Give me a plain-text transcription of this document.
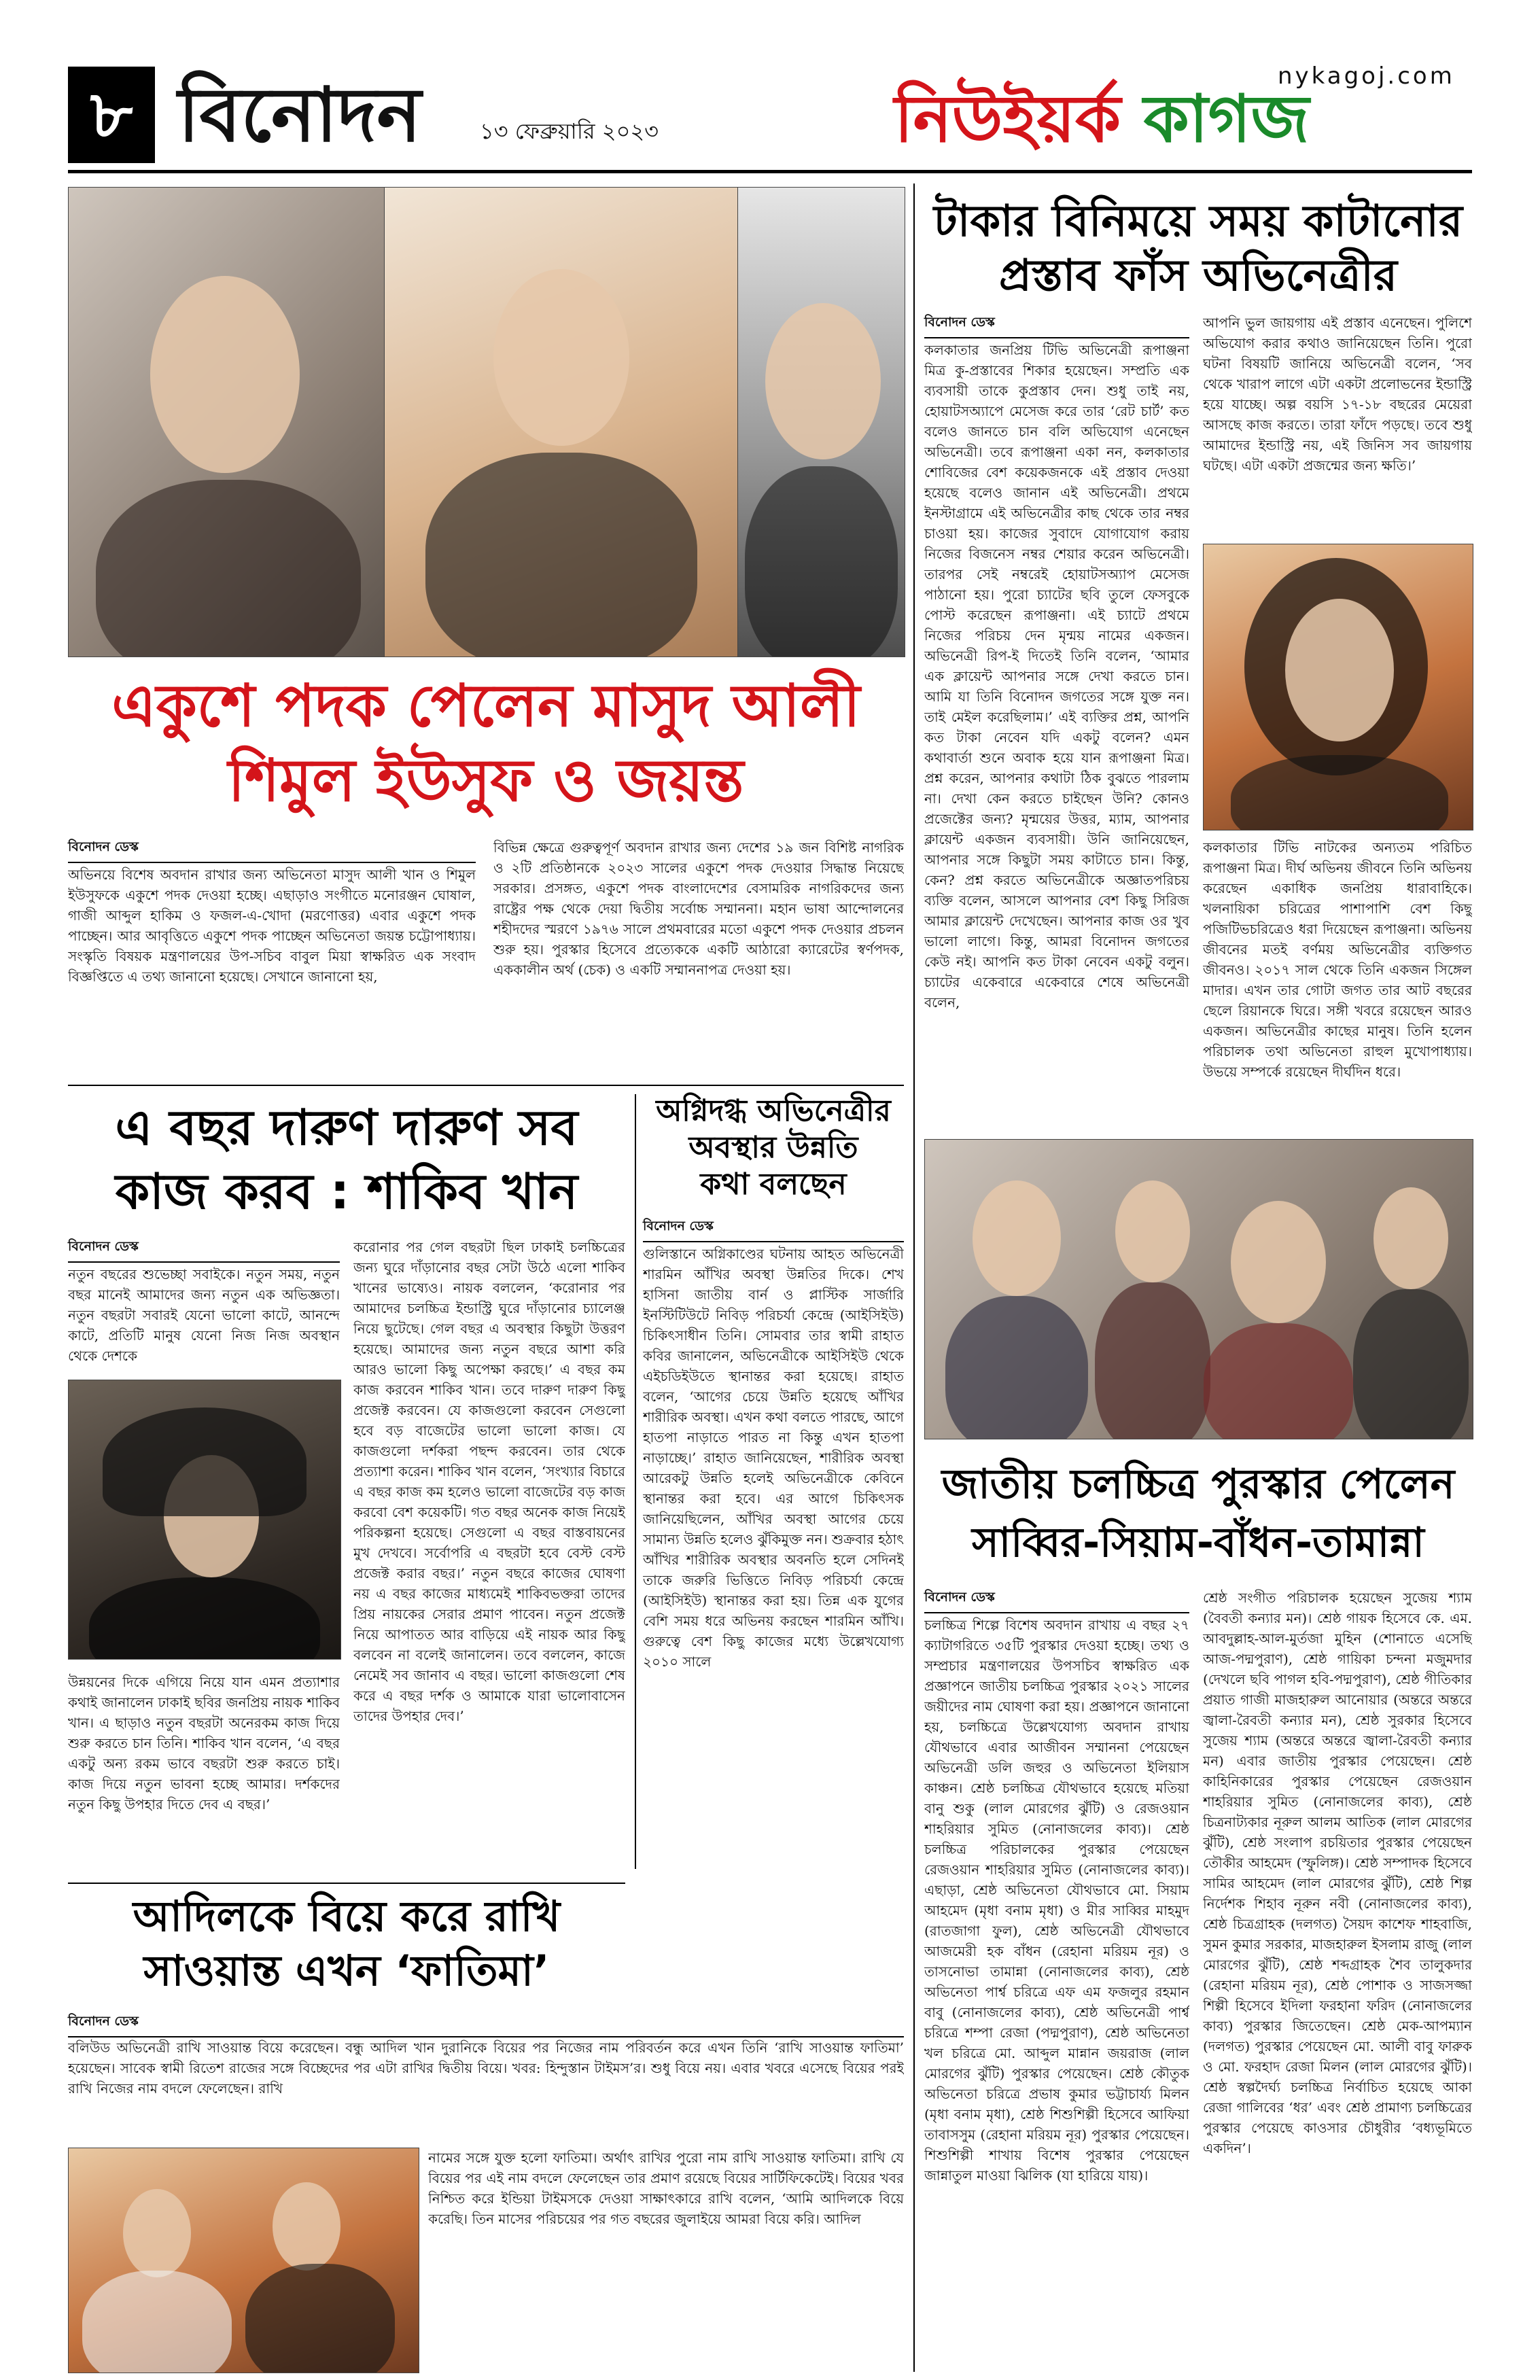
৮ বিনোদন	১৩ ফেব্রুয়ারি ২০২৩
nykagoj.com
নিউইয়র্ক কাগজ
একুশে পদক পেলেন মাসুদ আলী
শিমুল ইউসুফ ও জয়ন্ত
বিনোদন ডেস্ক
অভিনয়ে বিশেষ অবদান রাখার জন্য অভিনেতা মাসুদ আলী খান ও শিমুল ইউসুফকে একুশে পদক দেওয়া হচ্ছে। এছাড়াও সংগীতে মনোরঞ্জন ঘোষাল, গাজী আব্দুল হাকিম ও ফজল-এ-খোদা (মরণোত্তর) এবার একুশে পদক পাচ্ছেন। আর আবৃত্তিতে একুশে পদক পাচ্ছেন অভিনেতা জয়ন্ত চট্টোপাধ্যায়। সংস্কৃতি বিষয়ক মন্ত্রণালয়ের উপ-সচিব বাবুল মিয়া স্বাক্ষরিত এক সংবাদ বিজ্ঞপ্তিতে এ তথ্য জানানো হয়েছে। সেখানে জানানো হয়,
বিভিন্ন ক্ষেত্রে গুরুত্বপূর্ণ অবদান রাখার জন্য দেশের ১৯ জন বিশিষ্ট নাগরিক ও ২টি প্রতিষ্ঠানকে ২০২৩ সালের একুশে পদক দেওয়ার সিদ্ধান্ত নিয়েছে সরকার। প্রসঙ্গত, একুশে পদক বাংলাদেশের বেসামরিক নাগরিকদের জন্য রাষ্ট্রের পক্ষ থেকে দেয়া দ্বিতীয় সর্বোচ্চ সম্মাননা। মহান ভাষা আন্দোলনের শহীদদের স্মরণে ১৯৭৬ সালে প্রথমবারের মতো একুশে পদক দেওয়ার প্রচলন শুরু হয়। পুরস্কার হিসেবে প্রত্যেককে একটি আঠারো ক্যারেটের স্বর্ণপদক, এককালীন অর্থ (চেক) ও একটি সম্মাননাপত্র দেওয়া হয়।
এ বছর দারুণ দারুণ সব
কাজ করব : শাকিব খান
বিনোদন ডেস্ক
নতুন বছরের শুভেচ্ছা সবাইকে। নতুন সময়, নতুন বছর মানেই আমাদের জন্য নতুন এক অভিজ্ঞতা। নতুন বছরটা সবারই যেনো ভালো কাটে, আনন্দে কাটে, প্রতিটি মানুষ যেনো নিজ নিজ অবস্থান থেকে দেশকে
উন্নয়নের দিকে এগিয়ে নিয়ে যান এমন প্রত্যাশার কথাই জানালেন ঢাকাই ছবির জনপ্রিয় নায়ক শাকিব খান। এ ছাড়াও নতুন বছরটা অনেরকম কাজ দিয়ে শুরু করতে চান তিনি। শাকিব খান বলেন, ‘এ বছর একটু অন্য রকম ভাবে বছরটা শুরু করতে চাই। কাজ দিয়ে নতুন ভাবনা হচ্ছে আমার। দর্শকদের নতুন কিছু উপহার দিতে দেব এ বছর।’
করোনার পর গেল বছরটা ছিল ঢাকাই চলচ্চিত্রের জন্য ঘুরে দাঁড়ানোর বছর সেটা উঠে এলো শাকিব খানের ভাষ্যেও। নায়ক বললেন, ‘করোনার পর আমাদের চলচ্চিত্র ইন্ডাস্ট্রি ঘুরে দাঁড়ানোর চ্যালেঞ্জ নিয়ে ছুটেছে। গেল বছর এ অবস্থার কিছুটা উত্তরণ হয়েছে। আমাদের জন্য নতুন বছরে আশা করি আরও ভালো কিছু অপেক্ষা করছে।’ এ বছর কম কাজ করবেন শাকিব খান। তবে দারুণ দারুণ কিছু প্রজেক্ট করবেন। যে কাজগুলো করবেন সেগুলো হবে বড় বাজেটের ভালো ভালো কাজ। যে কাজগুলো দর্শকরা পছন্দ করবেন। তার থেকে প্রত্যাশা করেন। শাকিব খান বলেন, ‘সংখ্যার বিচারে এ বছর কাজ কম হলেও ভালো বাজেটের বড় কাজ করবো বেশ কয়েকটি। গত বছর অনেক কাজ নিয়েই পরিকল্পনা হয়েছে। সেগুলো এ বছর বাস্তবায়নের মুখ দেখবে। সর্বোপরি এ বছরটা হবে বেস্ট বেস্ট প্রজেক্ট করার বছর।’ নতুন বছরে কাজের ঘোষণা নয় এ বছর কাজের মাধ্যমেই শাকিবভক্তরা তাদের প্রিয় নায়কের সেরার প্রমাণ পাবেন। নতুন প্রজেক্ট নিয়ে আপাতত আর বাড়িয়ে এই নায়ক আর কিছু বলবেন না বলেই জানালেন। তবে বললেন, কাজে নেমেই সব জানাব এ বছর। ভালো কাজগুলো শেষ করে এ বছর দর্শক ও আমাকে যারা ভালোবাসেন তাদের উপহার দেব।’
অগ্নিদগ্ধ অভিনেত্রীর
অবস্থার উন্নতি
কথা বলছেন
বিনোদন ডেস্ক
গুলিস্তানে অগ্নিকাণ্ডের ঘটনায় আহত অভিনেত্রী শারমিন আঁখির অবস্থা উন্নতির দিকে। শেখ হাসিনা জাতীয় বার্ন ও প্লাস্টিক সার্জারি ইনস্টিটিউটে নিবিড় পরিচর্যা কেন্দ্রে (আইসিইউ) চিকিৎসাধীন তিনি। সোমবার তার স্বামী রাহাত কবির জানালেন, অভিনেত্রীকে আইসিইউ থেকে এইচডিইউতে স্থানান্তর করা হয়েছে। রাহাত বলেন, ‘আগের চেয়ে উন্নতি হয়েছে আঁখির শারীরিক অবস্থা। এখন কথা বলতে পারছে, আগে হাতপা নাড়াতে পারত না কিন্তু এখন হাতপা নাড়াচ্ছে।’ রাহাত জানিয়েছেন, শারীরিক অবস্থা আরেকটু উন্নতি হলেই অভিনেত্রীকে কেবিনে স্থানান্তর করা হবে। এর আগে চিকিৎসক জানিয়েছিলেন, আঁখির অবস্থা আগের চেয়ে সামান্য উন্নতি হলেও ঝুঁকিমুক্ত নন। শুক্রবার হঠাৎ আঁখির শারীরিক অবস্থার অবনতি হলে সেদিনই তাকে জরুরি ভিত্তিতে নিবিড় পরিচর্যা কেন্দ্রে (আইসিইউ) স্থানান্তর করা হয়। তিন্ন এক যুগের বেশি সময় ধরে অভিনয় করছেন শারমিন আঁখি। গুরুত্বে বেশ কিছু কাজের মধ্যে উল্লেখযোগ্য ২০১০ সালে
আদিলকে বিয়ে করে রাখি
সাওয়ান্ত এখন ‘ফাতিমা’
বিনোদন ডেস্ক
বলিউড অভিনেত্রী রাখি সাওয়ান্ত বিয়ে করেছেন। বন্ধু আদিল খান দুরানিকে বিয়ের পর নিজের নাম পরিবর্তন করে এখন তিনি ‘রাখি সাওয়ান্ত ফাতিমা’ হয়েছেন। সাবেক স্বামী রিতেশ রাজের সঙ্গে বিচ্ছেদের পর এটা রাখির দ্বিতীয় বিয়ে। খবর: হিন্দুস্তান টাইমস’র। শুধু বিয়ে নয়। এবার খবরে এসেছে বিয়ের পরই রাখি নিজের নাম বদলে ফেলেছেন। রাখি
নামের সঙ্গে যুক্ত হলো ফাতিমা। অর্থাৎ রাখির পুরো নাম রাখি সাওয়ান্ত ফাতিমা। রাখি যে বিয়ের পর এই নাম বদলে ফেলেছেন তার প্রমাণ রয়েছে বিয়ের সার্টিফিকেটেই। বিয়ের খবর নিশ্চিত করে ইন্ডিয়া টাইমসকে দেওয়া সাক্ষাৎকারে রাখি বলেন, ‘আমি আদিলকে বিয়ে করেছি। তিন মাসের পরিচয়ের পর গত বছরের জুলাইয়ে আমরা বিয়ে করি। আদিল
টাকার বিনিময়ে সময় কাটানোর
প্রস্তাব ফাঁস অভিনেত্রীর
বিনোদন ডেস্ক
কলকাতার জনপ্রিয় টিভি অভিনেত্রী রূপাঞ্জনা মিত্র কু-প্রস্তাবের শিকার হয়েছেন। সম্প্রতি এক ব্যবসায়ী তাকে কুপ্রস্তাব দেন। শুধু তাই নয়, হোয়াটসঅ্যাপে মেসেজ করে তার ‘রেট চার্ট’ কত বলেও জানতে চান বলি অভিযোগ এনেছেন অভিনেত্রী। তবে রূপাঞ্জনা একা নন, কলকাতার শোবিজের বেশ কয়েকজনকে এই প্রস্তাব দেওয়া হয়েছে বলেও জানান এই অভিনেত্রী। প্রথমে ইনস্টাগ্রামে এই অভিনেত্রীর কাছ থেকে তার নম্বর চাওয়া হয়। কাজের সুবাদে যোগাযোগ করায় নিজের বিজনেস নম্বর শেয়ার করেন অভিনেত্রী। তারপর সেই নম্বরেই হোয়াটসঅ্যাপ মেসেজ পাঠানো হয়। পুরো চ্যাটের ছবি তুলে ফেসবুকে পোস্ট করেছেন রূপাঞ্জনা। এই চ্যাটে প্রথমে নিজের পরিচয় দেন মৃন্ময় নামের একজন। অভিনেত্রী রিপ-ই দিতেই তিনি বলেন, ‘আমার এক ক্লায়েন্ট আপনার সঙ্গে দেখা করতে চান। আমি যা তিনি বিনোদন জগতের সঙ্গে যুক্ত নন। তাই মেইল করেছিলাম।’ এই ব্যক্তির প্রশ্ন, আপনি কত টাকা নেবেন যদি একটু বলেন? এমন কথাবার্তা শুনে অবাক হয়ে যান রূপাঞ্জনা মিত্র। প্রশ্ন করেন, আপনার কথাটা ঠিক বুঝতে পারলাম না। দেখা কেন করতে চাইছেন উনি? কোনও প্রজেক্টের জন্য? মৃন্ময়ের উত্তর, ম্যাম, আপনার ক্লায়েন্ট একজন ব্যবসায়ী। উনি জানিয়েছেন, আপনার সঙ্গে কিছুটা সময় কাটাতে চান। কিন্তু, কেন? প্রশ্ন করতে অভিনেত্রীকে অজ্ঞাতপরিচয় ব্যক্তি বলেন, আসলে আপনার বেশ কিছু সিরিজ আমার ক্লায়েন্ট দেখেছেন। আপনার কাজ ওর খুব ভালো লাগে। কিন্তু, আমরা বিনোদন জগতের কেউ নই। আপনি কত টাকা নেবেন একটু বলুন। চ্যাটের একেবারে একেবারে শেষে অভিনেত্রী বলেন,
আপনি ভুল জায়গায় এই প্রস্তাব এনেছেন। পুলিশে অভিযোগ করার কথাও জানিয়েছেন তিনি। পুরো ঘটনা বিষয়টি জানিয়ে অভিনেত্রী বলেন, ‘সব থেকে খারাপ লাগে এটা একটা প্রলোভনের ইন্ডাস্ট্রি হয়ে যাচ্ছে। অল্প বয়সি ১৭-১৮ বছরের মেয়েরা আসছে কাজ করতে। তারা ফাঁদে পড়ছে। তবে শুধু আমাদের ইন্ডাস্ট্রি নয়, এই জিনিস সব জায়গায় ঘটছে। এটা একটা প্রজন্মের জন্য ক্ষতি।’
কলকাতার টিভি নাটকের অন্যতম পরিচিত রূপাঞ্জনা মিত্র। দীর্ঘ অভিনয় জীবনে তিনি অভিনয় করেছেন একাধিক জনপ্রিয় ধারাবাহিকে। খলনায়িকা চরিত্রের পাশাপাশি বেশ কিছু পজিটিভচরিত্রেও ধরা দিয়েছেন রূপাঞ্জনা। অভিনয় জীবনের মতই বর্ণময় অভিনেত্রীর ব্যক্তিগত জীবনও। ২০১৭ সাল থেকে তিনি একজন সিঙ্গেল মাদার। এখন তার গোটা জগত তার আট বছরের ছেলে রিয়ানকে ঘিরে। সঙ্গী খবরে রয়েছেন আরও একজন। অভিনেত্রীর কাছের মানুষ। তিনি হলেন পরিচালক তথা অভিনেতা রাহুল মুখোপাধ্যায়। উভয়ে সম্পর্কে রয়েছেন দীর্ঘদিন ধরে।
জাতীয় চলচ্চিত্র পুরস্কার পেলেন
সাব্বির-সিয়াম-বাঁধন-তামান্না
বিনোদন ডেস্ক
চলচ্চিত্র শিল্পে বিশেষ অবদান রাখায় এ বছর ২৭ ক্যাটাগরিতে ৩৫টি পুরস্কার দেওয়া হচ্ছে। তথ্য ও সম্প্রচার মন্ত্রণালয়ের উপসচিব স্বাক্ষরিত এক প্রজ্ঞাপনে জাতীয় চলচ্চিত্র পুরস্কার ২০২১ সালের জয়ীদের নাম ঘোষণা করা হয়। প্রজ্ঞাপনে জানানো হয়, চলচ্চিত্রে উল্লেখযোগ্য অবদান রাখায় যৌথভাবে এবার আজীবন সম্মাননা পেয়েছেন অভিনেত্রী ডলি জহুর ও অভিনেতা ইলিয়াস কাঞ্চন। শ্রেষ্ঠ চলচ্চিত্র যৌথভাবে হয়েছে মতিয়া বানু শুকু (লাল মোরগের ঝুঁটি) ও রেজওয়ান শাহরিয়ার সুমিত (নোনাজলের কাব্য)। শ্রেষ্ঠ চলচ্চিত্র পরিচালকের পুরস্কার পেয়েছেন রেজওয়ান শাহরিয়ার সুমিত (নোনাজলের কাব্য)। এছাড়া, শ্রেষ্ঠ অভিনেতা যৌথভাবে মো. সিয়াম আহমেদ (মৃধা বনাম মৃধা) ও মীর সাব্বির মাহমুদ (রাতজাগা ফুল), শ্রেষ্ঠ অভিনেত্রী যৌথভাবে আজমেরী হক বাঁধন (রেহানা মরিয়ম নূর) ও তাসনোভা তামান্না (নোনাজলের কাব্য), শ্রেষ্ঠ অভিনেতা পার্শ্ব চরিত্রে এফ এম ফজলুর রহমান বাবু (নোনাজলের কাব্য), শ্রেষ্ঠ অভিনেত্রী পার্শ্ব চরিত্রে শম্পা রেজা (পদ্মপুরাণ), শ্রেষ্ঠ অভিনেতা খল চরিত্রে মো. আব্দুল মান্নান জয়রাজ (লাল মোরগের ঝুঁটি) পুরস্কার পেয়েছেন। শ্রেষ্ঠ কৌতুক অভিনেতা চরিত্রে প্রভাষ কুমার ভট্টাচার্য্য মিলন (মৃধা বনাম মৃধা), শ্রেষ্ঠ শিশুশিল্পী হিসেবে আফিয়া তাবাসসুম (রেহানা মরিয়ম নূর) পুরস্কার পেয়েছেন। শিশুশিল্পী শাখায় বিশেষ পুরস্কার পেয়েছেন জান্নাতুল মাওয়া ঝিলিক (যা হারিয়ে যায়)।
শ্রেষ্ঠ সংগীত পরিচালক হয়েছেন সুজেয় শ্যাম (বৈবতী কন্যার মন)। শ্রেষ্ঠ গায়ক হিসেবে কে. এম. আবদুল্লাহ-আল-মুর্তজা মুহিন (শোনাতে এসেছি আজ-পদ্মপুরাণ), শ্রেষ্ঠ গায়িকা চন্দনা মজুমদার (দেখলে ছবি পাগল হবি-পদ্মপুরাণ), শ্রেষ্ঠ গীতিকার প্রয়াত গাজী মাজহারুল আনোয়ার (অন্তরে অন্তরে জ্বালা-রৈবতী কন্যার মন), শ্রেষ্ঠ সুরকার হিসেবে সুজেয় শ্যাম (অন্তরে অন্তরে জ্বালা-রৈবতী কন্যার মন) এবার জাতীয় পুরস্কার পেয়েছেন। শ্রেষ্ঠ কাহিনিকারের পুরস্কার পেয়েছেন রেজওয়ান শাহরিয়ার সুমিত (নোনাজলের কাব্য), শ্রেষ্ঠ চিত্রনাট্যকার নূরুল আলম আতিক (লাল মোরগের ঝুঁটি), শ্রেষ্ঠ সংলাপ রচয়িতার পুরস্কার পেয়েছেন তৌকীর আহমেদ (স্ফুলিঙ্গ)। শ্রেষ্ঠ সম্পাদক হিসেবে সামির আহমেদ (লাল মোরগের ঝুঁটি), শ্রেষ্ঠ শিল্প নির্দেশক শিহাব নূরুন নবী (নোনাজলের কাব্য), শ্রেষ্ঠ চিত্রগ্রাহক (দলগত) সৈয়দ কাশেফ শাহবাজি, সুমন কুমার সরকার, মাজহারুল ইসলাম রাজু (লাল মোরগের ঝুঁটি), শ্রেষ্ঠ শব্দগ্রাহক শৈব তালুকদার (রেহানা মরিয়ম নূর), শ্রেষ্ঠ পোশাক ও সাজসজ্জা শিল্পী হিসেবে ইদিলা ফরহানা ফরিদ (নোনাজলের কাব্য) পুরস্কার জিতেছেন। শ্রেষ্ঠ মেক-আপম্যান (দলগত) পুরস্কার পেয়েছেন মো. আলী বাবু ফারুক ও মো. ফরহাদ রেজা মিলন (লাল মোরগের ঝুঁটি)। শ্রেষ্ঠ স্বল্পদৈর্ঘ্য চলচ্চিত্র নির্বাচিত হয়েছে আকা রেজা গালিবের ‘ধর’ এবং শ্রেষ্ঠ প্রামাণ্য চলচ্চিত্রের পুরস্কার পেয়েছে কাওসার চৌধুরীর ‘বধ্যভূমিতে একদিন’।
